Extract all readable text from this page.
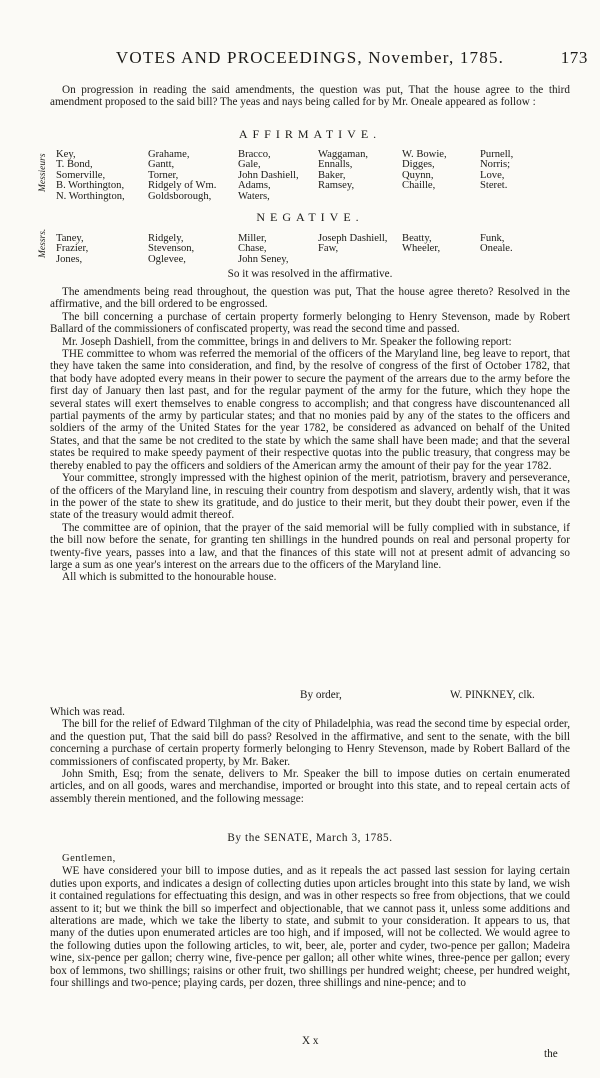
VOTES AND PROCEEDINGS, November, 1785.	173

On progression in reading the said amendments, the question was put, That the house agree to the third amendment proposed to the said bill? The yeas and nays being called for by Mr. Oneale appeared as follow :

AFFIRMATIVE.
Messieurs Key,
T. Bond,
Somerville,
B. Worthington,
N. Worthington,
Grahame,
Gantt,
Torner,
Ridgely of Wm.
Goldsborough,
Bracco,
Gale,
John Dashiell,
Adams,
Waters,
Waggaman,
Ennalls,
Baker,
Ramsey,
W. Bowie,
Digges,
Quynn,
Chaille,
Purnell,
Norris;
Love,
Steret.
NEGATIVE.
Messrs. Taney,
Frazier,
Jones,
Ridgely,
Stevenson,
Oglevee,
Miller,
Chase,
John Seney,
Joseph Dashiell,
Faw,
Beatty,
Wheeler,
Funk,
Oneale.
So it was resolved in the affirmative.

The amendments being read throughout, the question was put, That the house agree thereto? Resolved in the affirmative, and the bill ordered to be engrossed.

The bill concerning a purchase of certain property formerly belonging to Henry Stevenson, made by Robert Ballard of the commissioners of confiscated property, was read the second time and passed.

Mr. Joseph Dashiell, from the committee, brings in and delivers to Mr. Speaker the following report:

THE committee to whom was referred the memorial of the officers of the Maryland line, beg leave to report, that they have taken the same into consideration, and find, by the resolve of congress of the first of October 1782, that that body have adopted every means in their power to secure the payment of the arrears due to the army before the first day of January then last past, and for the regular payment of the army for the future, which they hope the several states will exert themselves to enable congress to accomplish; and that congress have discountenanced all partial payments of the army by particular states; and that no monies paid by any of the states to the officers and soldiers of the army of the United States for the year 1782, be considered as advanced on behalf of the United States, and that the same be not credited to the state by which the same shall have been made; and that the several states be required to make speedy payment of their respective quotas into the public treasury, that congress may be thereby enabled to pay the officers and soldiers of the American army the amount of their pay for the year 1782.

Your committee, strongly impressed with the highest opinion of the merit, patriotism, bravery and perseverance, of the officers of the Maryland line, in rescuing their country from despotism and slavery, ardently wish, that it was in the power of the state to shew its gratitude, and do justice to their merit, but they doubt their power, even if the state of the treasury would admit thereof.

The committee are of opinion, that the prayer of the said memorial will be fully complied with in substance, if the bill now before the senate, for granting ten shillings in the hundred pounds on real and personal property for twenty-five years, passes into a law, and that the finances of this state will not at present admit of advancing so large a sum as one year's interest on the arrears due to the officers of the Maryland line.

All which is submitted to the honourable house.

By order,	W. PINKNEY, clk.

Which was read.

The bill for the relief of Edward Tilghman of the city of Philadelphia, was read the second time by especial order, and the question put, That the said bill do pass? Resolved in the affirmative, and sent to the senate, with the bill concerning a purchase of certain property formerly belonging to Henry Stevenson, made by Robert Ballard of the commissioners of confiscated property, by Mr. Baker.

John Smith, Esq; from the senate, delivers to Mr. Speaker the bill to impose duties on certain enumerated articles, and on all goods, wares and merchandise, imported or brought into this state, and to repeal certain acts of assembly therein mentioned, and the following message:

By the SENATE, March 3, 1785.

Gentlemen,

WE have considered your bill to impose duties, and as it repeals the act passed last session for laying certain duties upon exports, and indicates a design of collecting duties upon articles brought into this state by land, we wish it contained regulations for effectuating this design, and was in other respects so free from objections, that we could assent to it; but we think the bill so imperfect and objectionable, that we cannot pass it, unless some additions and alterations are made, which we take the liberty to state, and submit to your consideration. It appears to us, that many of the duties upon enumerated articles are too high, and if imposed, will not be collected. We would agree to the following duties upon the following articles, to wit, beer, ale, porter and cyder, two-pence per gallon; Madeira wine, six-pence per gallon; cherry wine, five-pence per gallon; all other white wines, three-pence per gallon; every box of lemmons, two shillings; raisins or other fruit, two shillings per hundred weight; cheese, per hundred weight, four shillings and two-pence; playing cards, per dozen, three shillings and nine-pence; and to

X x
the
